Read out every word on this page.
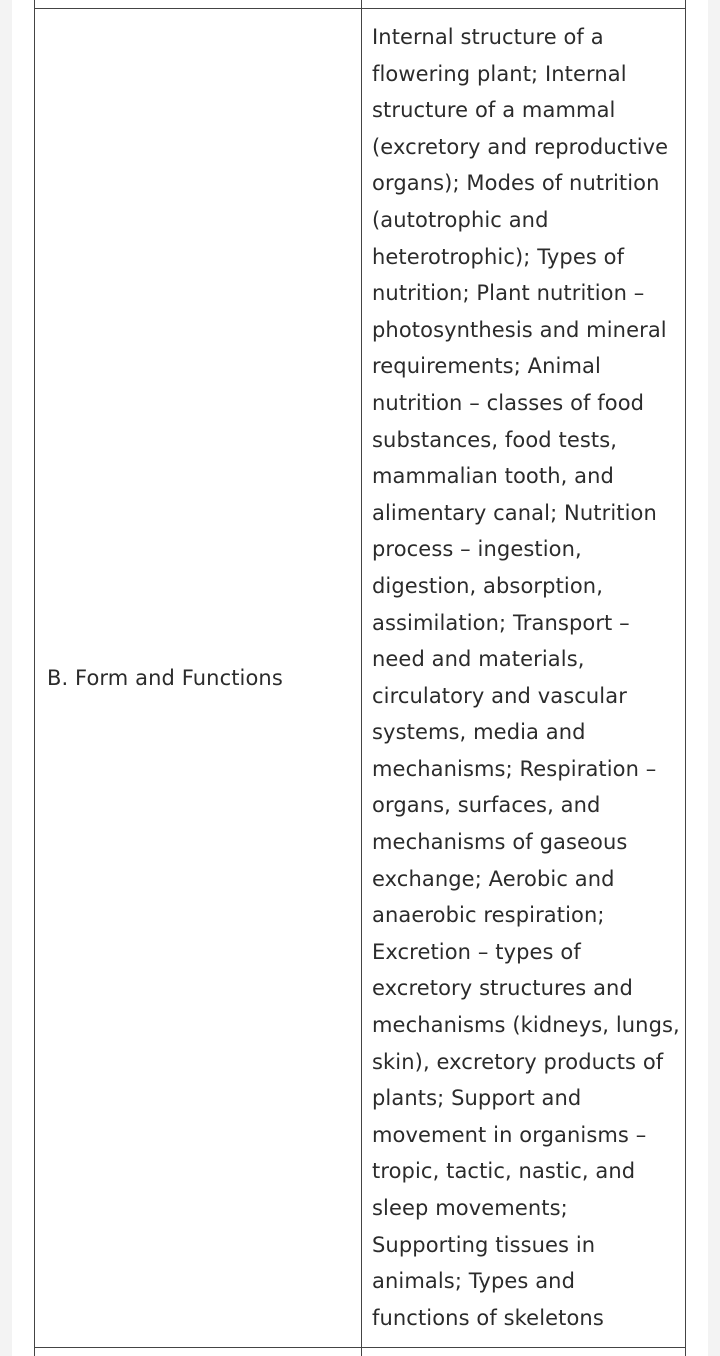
B. Form and Functions

Internal structure of a

flowering plant; Internal

structure of a mammal

(excretory and reproductive

organs); Modes of nutrition

(autotrophic and

heterotrophic); Types of

nutrition; Plant nutrition –

photosynthesis and mineral

requirements; Animal

nutrition – classes of food

substances, food tests,

mammalian tooth, and

alimentary canal; Nutrition

process – ingestion,

digestion, absorption,

assimilation; Transport –

need and materials,

circulatory and vascular

systems, media and

mechanisms; Respiration –

organs, surfaces, and

mechanisms of gaseous

exchange; Aerobic and

anaerobic respiration;

Excretion – types of

excretory structures and

mechanisms (kidneys, lungs,

skin), excretory products of

plants; Support and

movement in organisms –

tropic, tactic, nastic, and

sleep movements;

Supporting tissues in

animals; Types and

functions of skeletons
